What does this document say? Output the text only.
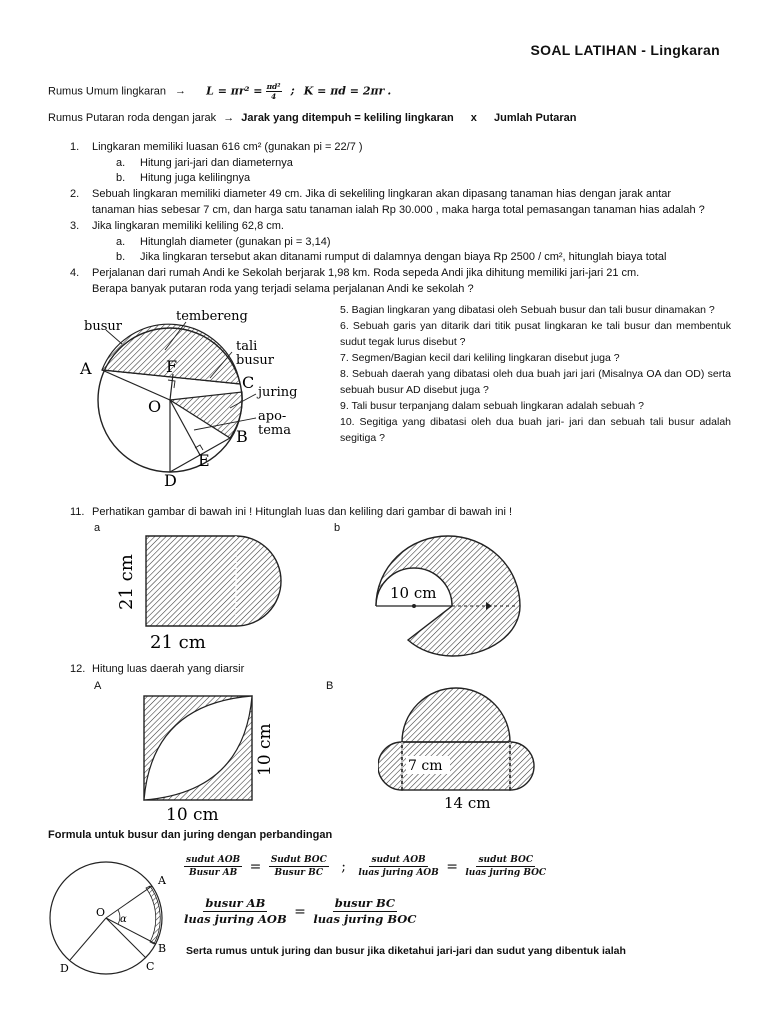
SOAL LATIHAN - Lingkaran
Rumus Umum lingkaran → $L = \pi r^2 = \frac{\text{πd²}}{4}$ ; K = πd = 2πr .
Rumus Putaran roda dengan jarak → Jarak yang ditempuh = keliling lingkaran x Jumlah Putaran
1.	Lingkaran memiliki luasan 616 cm² (gunakan pi = 22/7 )
a. Hitung jari-jari dan diameternya
b. Hitung juga kelilingnya
2.	Sebuah lingkaran memiliki diameter 49 cm. Jika di sekeliling lingkaran akan dipasang tanaman hias dengan jarak antar
tanaman hias sebesar 7 cm, dan harga satu tanaman ialah Rp 30.000 , maka harga total pemasangan tanaman hias adalah ?
3.	Jika lingkaran memiliki keliling 62,8 cm.
a. Hitunglah diameter (gunakan pi = 3,14)
b. Jika lingkaran tersebut akan ditanami rumput di dalamnya dengan biaya Rp 2500 / cm², hitunglah biaya total
4.	Perjalanan dari rumah Andi ke Sekolah berjarak 1,98 km. Roda sepeda Andi jika dihitung memiliki jari-jari 21 cm.
Berapa banyak putaran roda yang terjadi selama perjalanan Andi ke sekolah ?
busur
tembereng
tali
busur
juring
apo-
tema
A	F
C
O
B
E
D

5. Bagian lingkaran yang dibatasi oleh Sebuah busur dan tali busur dinamakan ?

6. Sebuah garis yan ditarik dari titik pusat lingkaran ke tali busur dan membentuk sudut tegak lurus disebut ?

7. Segmen/Bagian kecil dari keliling lingkaran disebut juga ?

8. Sebuah daerah yang dibatasi oleh dua buah jari jari (Misalnya OA dan OD) serta sebuah busur AD disebut juga ?

9. Tali busur terpanjang dalam sebuah lingkaran adalah sebuah ?

10. Segitiga yang dibatasi oleh dua buah jari- jari dan sebuah tali busur adalah segitiga ?

11. Perhatikan gambar di bawah ini ! Hitunglah luas dan keliling dari gambar di bawah ini !
a	b
21 cm
21 cm
10 cm
12. Hitung luas daerah yang diarsir
A	B
10 cm
10 cm
7 cm
14 cm
Formula untuk busur dan juring dengan perbandingan
sudut AOB
Busur AB = Sudut BOC
Busur BC ;	sudut AOB
luas juring AOB = sudut BOC
luas juring BOC
busur AB
luas juring AOB =
busur BC
luas juring BOC
Serta rumus untuk juring dan busur jika diketahui jari-jari dan sudut yang dibentuk ialah
O
α
A
B
C
D
